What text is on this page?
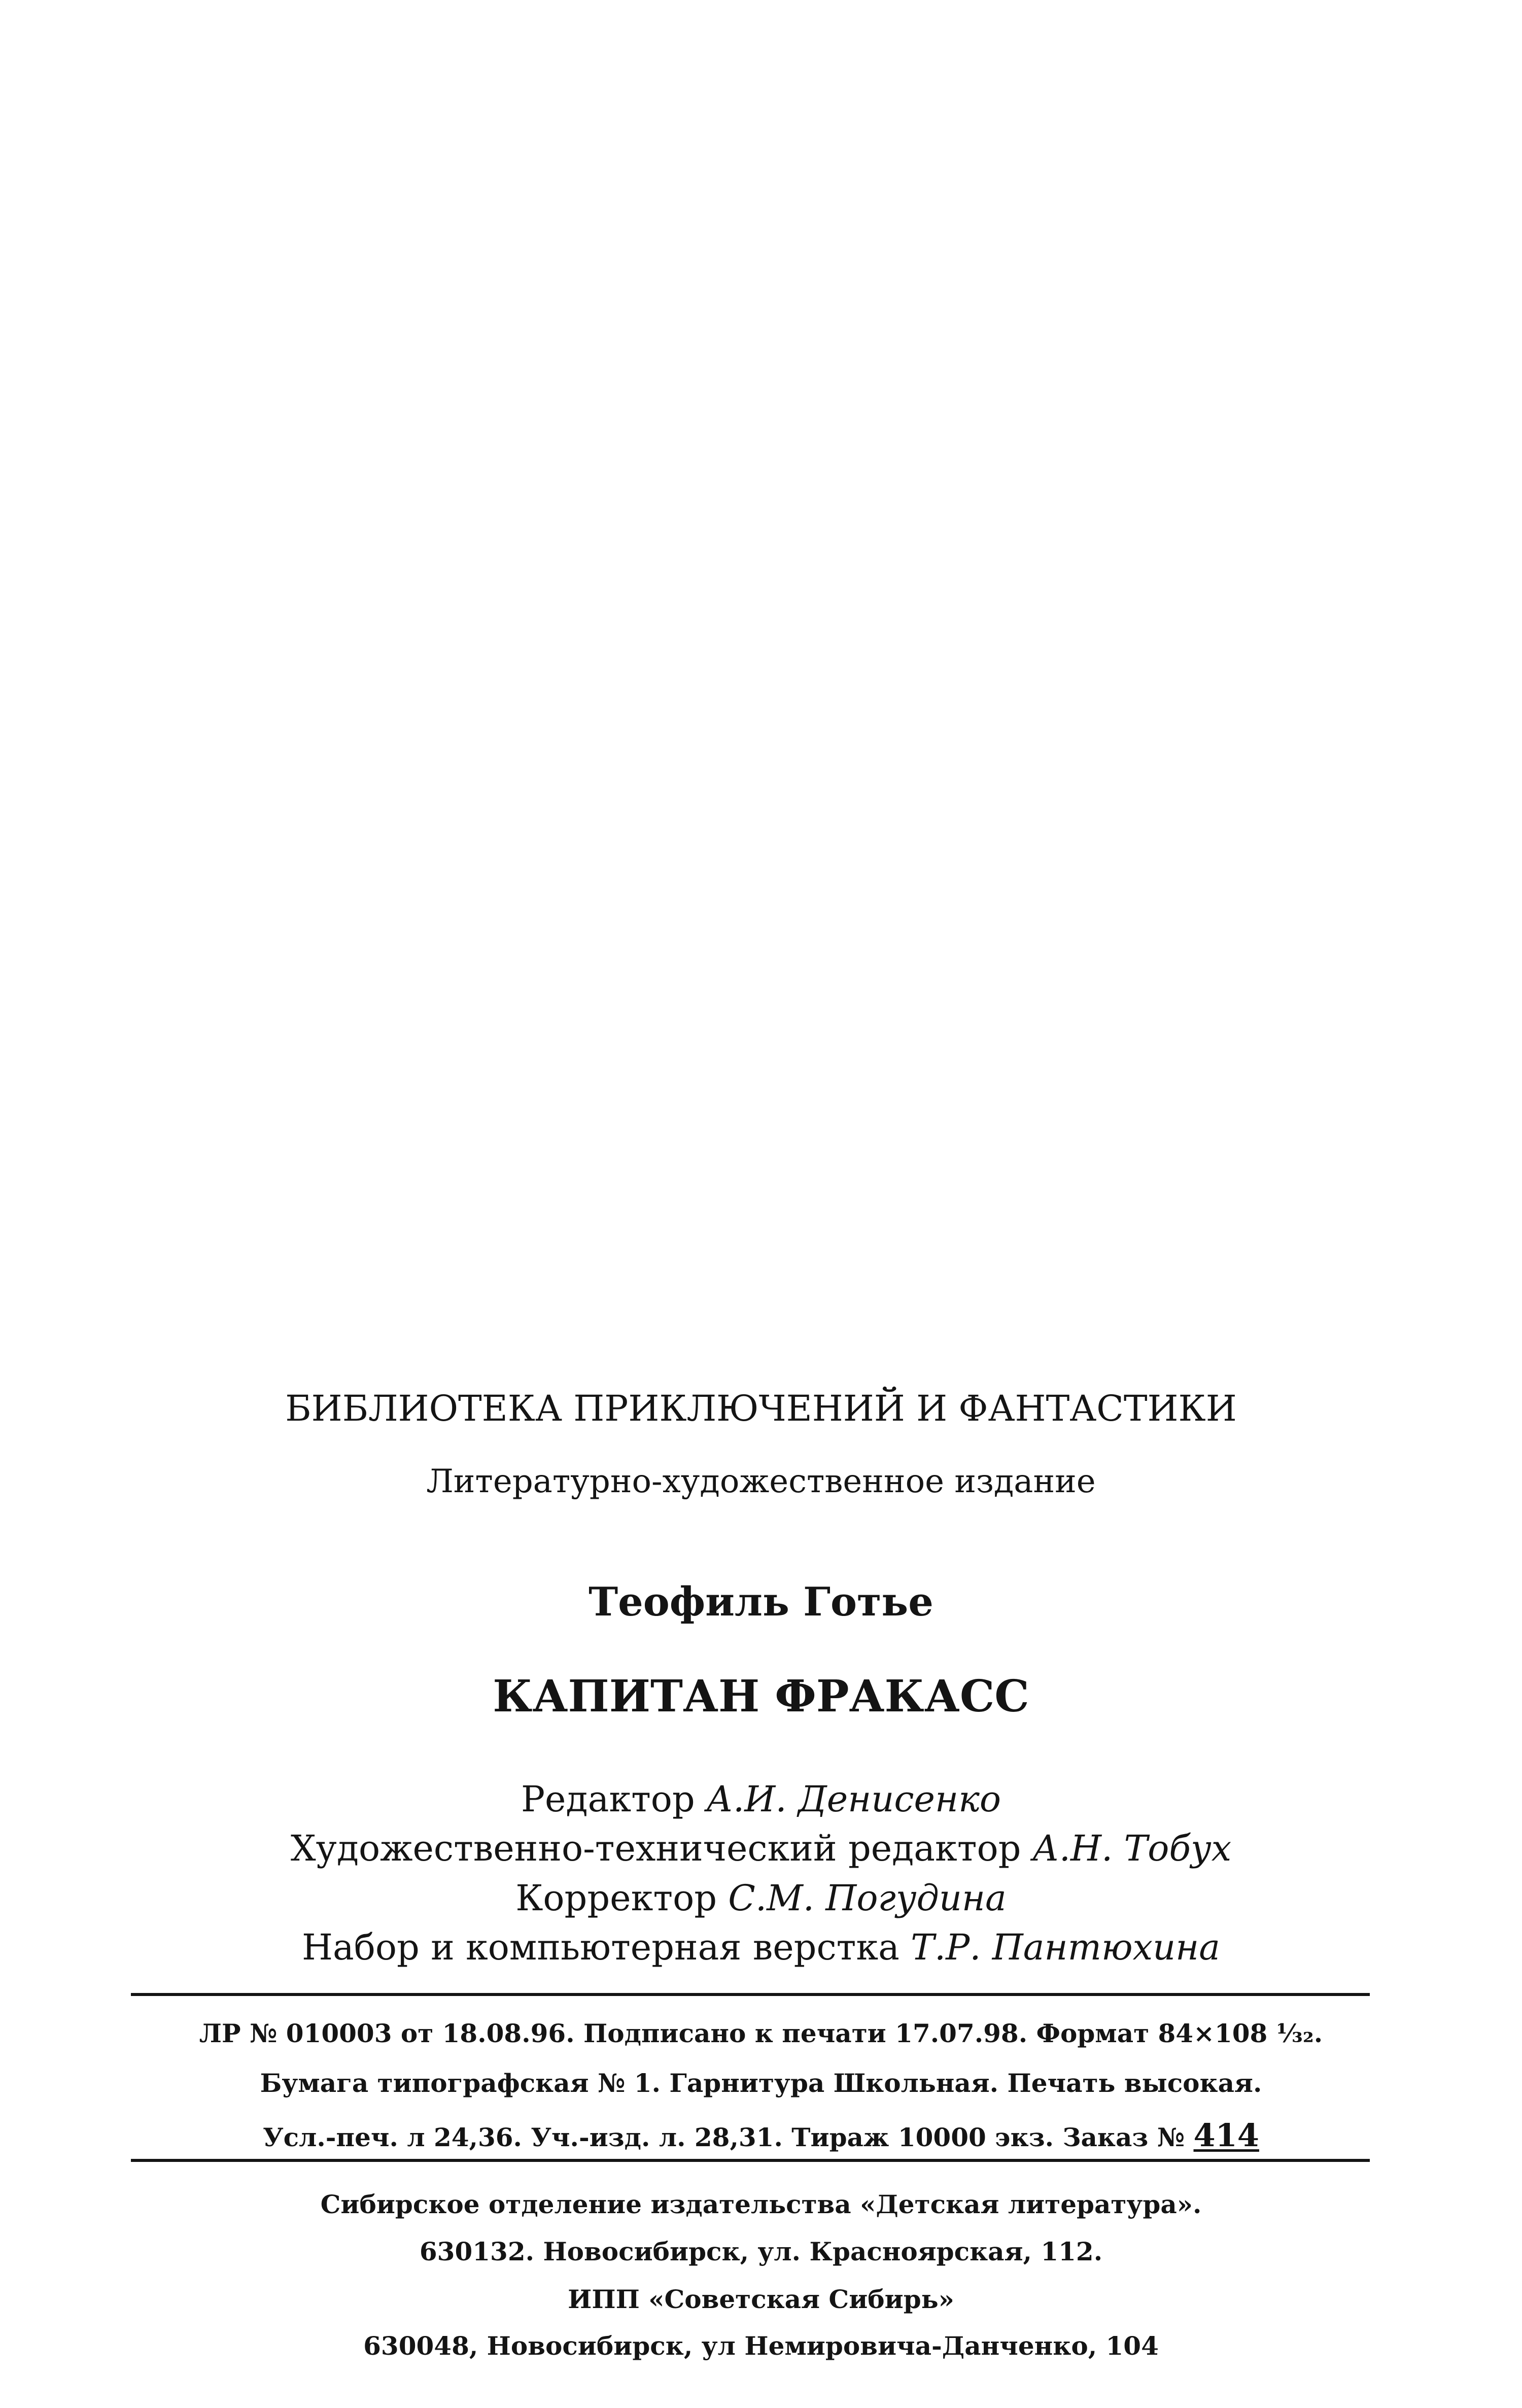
БИБЛИОТЕКА ПРИКЛЮЧЕНИЙ И ФАНТАСТИКИ

Литературно-художественное издание

Теофиль Готье

КАПИТАН ФРАКАСС

Редактор А.И. Денисенко

Художественно-технический редактор А.Н. Тобух

Корректор С.М. Погудина

Набор и компьютерная верстка Т.Р. Пантюхина

ЛР № 010003 от 18.08.96. Подписано к печати 17.07.98. Формат 84×108 ¹⁄₃₂.

Бумага типографская № 1. Гарнитура Школьная. Печать высокая.

Усл.-печ. л 24,36. Уч.-изд. л. 28,31. Тираж 10000 экз. Заказ № 414

Сибирское отделение издательства «Детская литература».

630132. Новосибирск, ул. Красноярская, 112.

ИПП «Советская Сибирь»

630048, Новосибирск, ул Немировича-Данченко, 104
